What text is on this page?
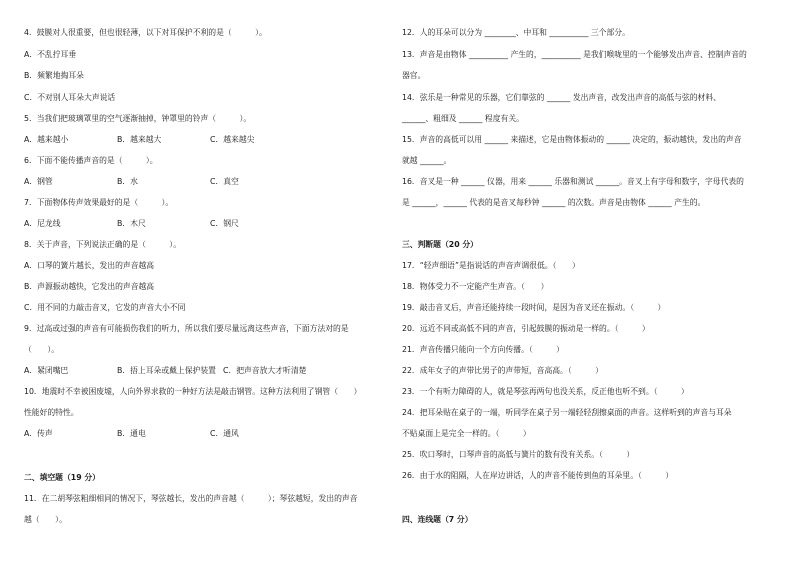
4．鼓膜对人很重要，但也很轻薄，以下对耳保护不利的是（　　　）。
A．不乱拧耳垂
B．频繁地掏耳朵
C．不对别人耳朵大声说话
5．当我们把玻璃罩里的空气逐渐抽掉，钟罩里的铃声（　　　）。
A．越来越小	B．越来越大	C．越来越尖
6．下面不能传播声音的是（　　　）。
A．钢管	B．水	C．真空
7．下面物体传声效果最好的是（　　　）。
A．尼龙线	B．木尺	C．钢尺
8．关于声音，下列说法正确的是（　　　）。
A．口琴的簧片越长，发出的声音越高
B．声源振动越快，它发出的声音越高
C．用不同的力敲击音叉，它发的声音大小不同
9．过高或过强的声音有可能损伤我们的听力，所以我们要尽量远离这些声音，下面方法对的是
（　　）。
A．紧闭嘴巴	B．捂上耳朵或戴上保护装置 C．把声音放大才听清楚
10．地震时不幸被困废墟，人向外界求救的一种好方法是敲击钢管。这种方法利用了钢管（　　）
性能好的特性。
A．传声	B．通电	C．通风
二、填空题（19 分）
11．在二胡琴弦粗细相同的情况下，琴弦越长，发出的声音越（　　　）；琴弦越短，发出的声音
越（　　）。
12．人的耳朵可以分为 ________、中耳和 __________ 三个部分。
13．声音是由物体 __________ 产生的，__________ 是我们喉咙里的一个能够发出声音、控制声音的
器官。
14．弦乐是一种常见的乐器，它们靠弦的 ______ 发出声音，改发出声音的高低与弦的材料、
______、粗细及 ______ 程度有关。
15．声音的高低可以用 ______ 来描述，它是由物体振动的 ______ 决定的，振动越快，发出的声音
就越 ______。
16．音叉是一种 ______ 仪器，用来 ______ 乐器和测试 ______。音叉上有字母和数字，字母代表的
是 ______，______ 代表的是音叉每秒钟 ______ 的次数。声音是由物体 ______ 产生的。
三、判断题（20 分）
17．“轻声细语”是指说话的声音声调很低。（　　）
18．物体受力不一定能产生声音。（　　）
19．敲击音叉后，声音还能持续一段时间，是因为音叉还在振动。（　　　）
20．远近不同或高低不同的声音，引起鼓膜的振动是一样的。（　　　）
21．声音传播只能向一个方向传播。（　　　）
22．成年女子的声带比男子的声带短，音高高。（　　　）
23．一个有听力障碍的人，就是琴弦再两句也没关系，反正他也听不到。（　　　）
24．把耳朵贴在桌子的一端，听同学在桌子另一端轻轻刮擦桌面的声音。这样听到的声音与耳朵
不贴桌面上是完全一样的。（　　　）
25．吹口琴时，口琴声音的高低与簧片的数有没有关系。（　　　）
26．由于水的阻隔，人在岸边讲话，人的声音不能传到鱼的耳朵里。（　　　）
四、连线题（7 分）
